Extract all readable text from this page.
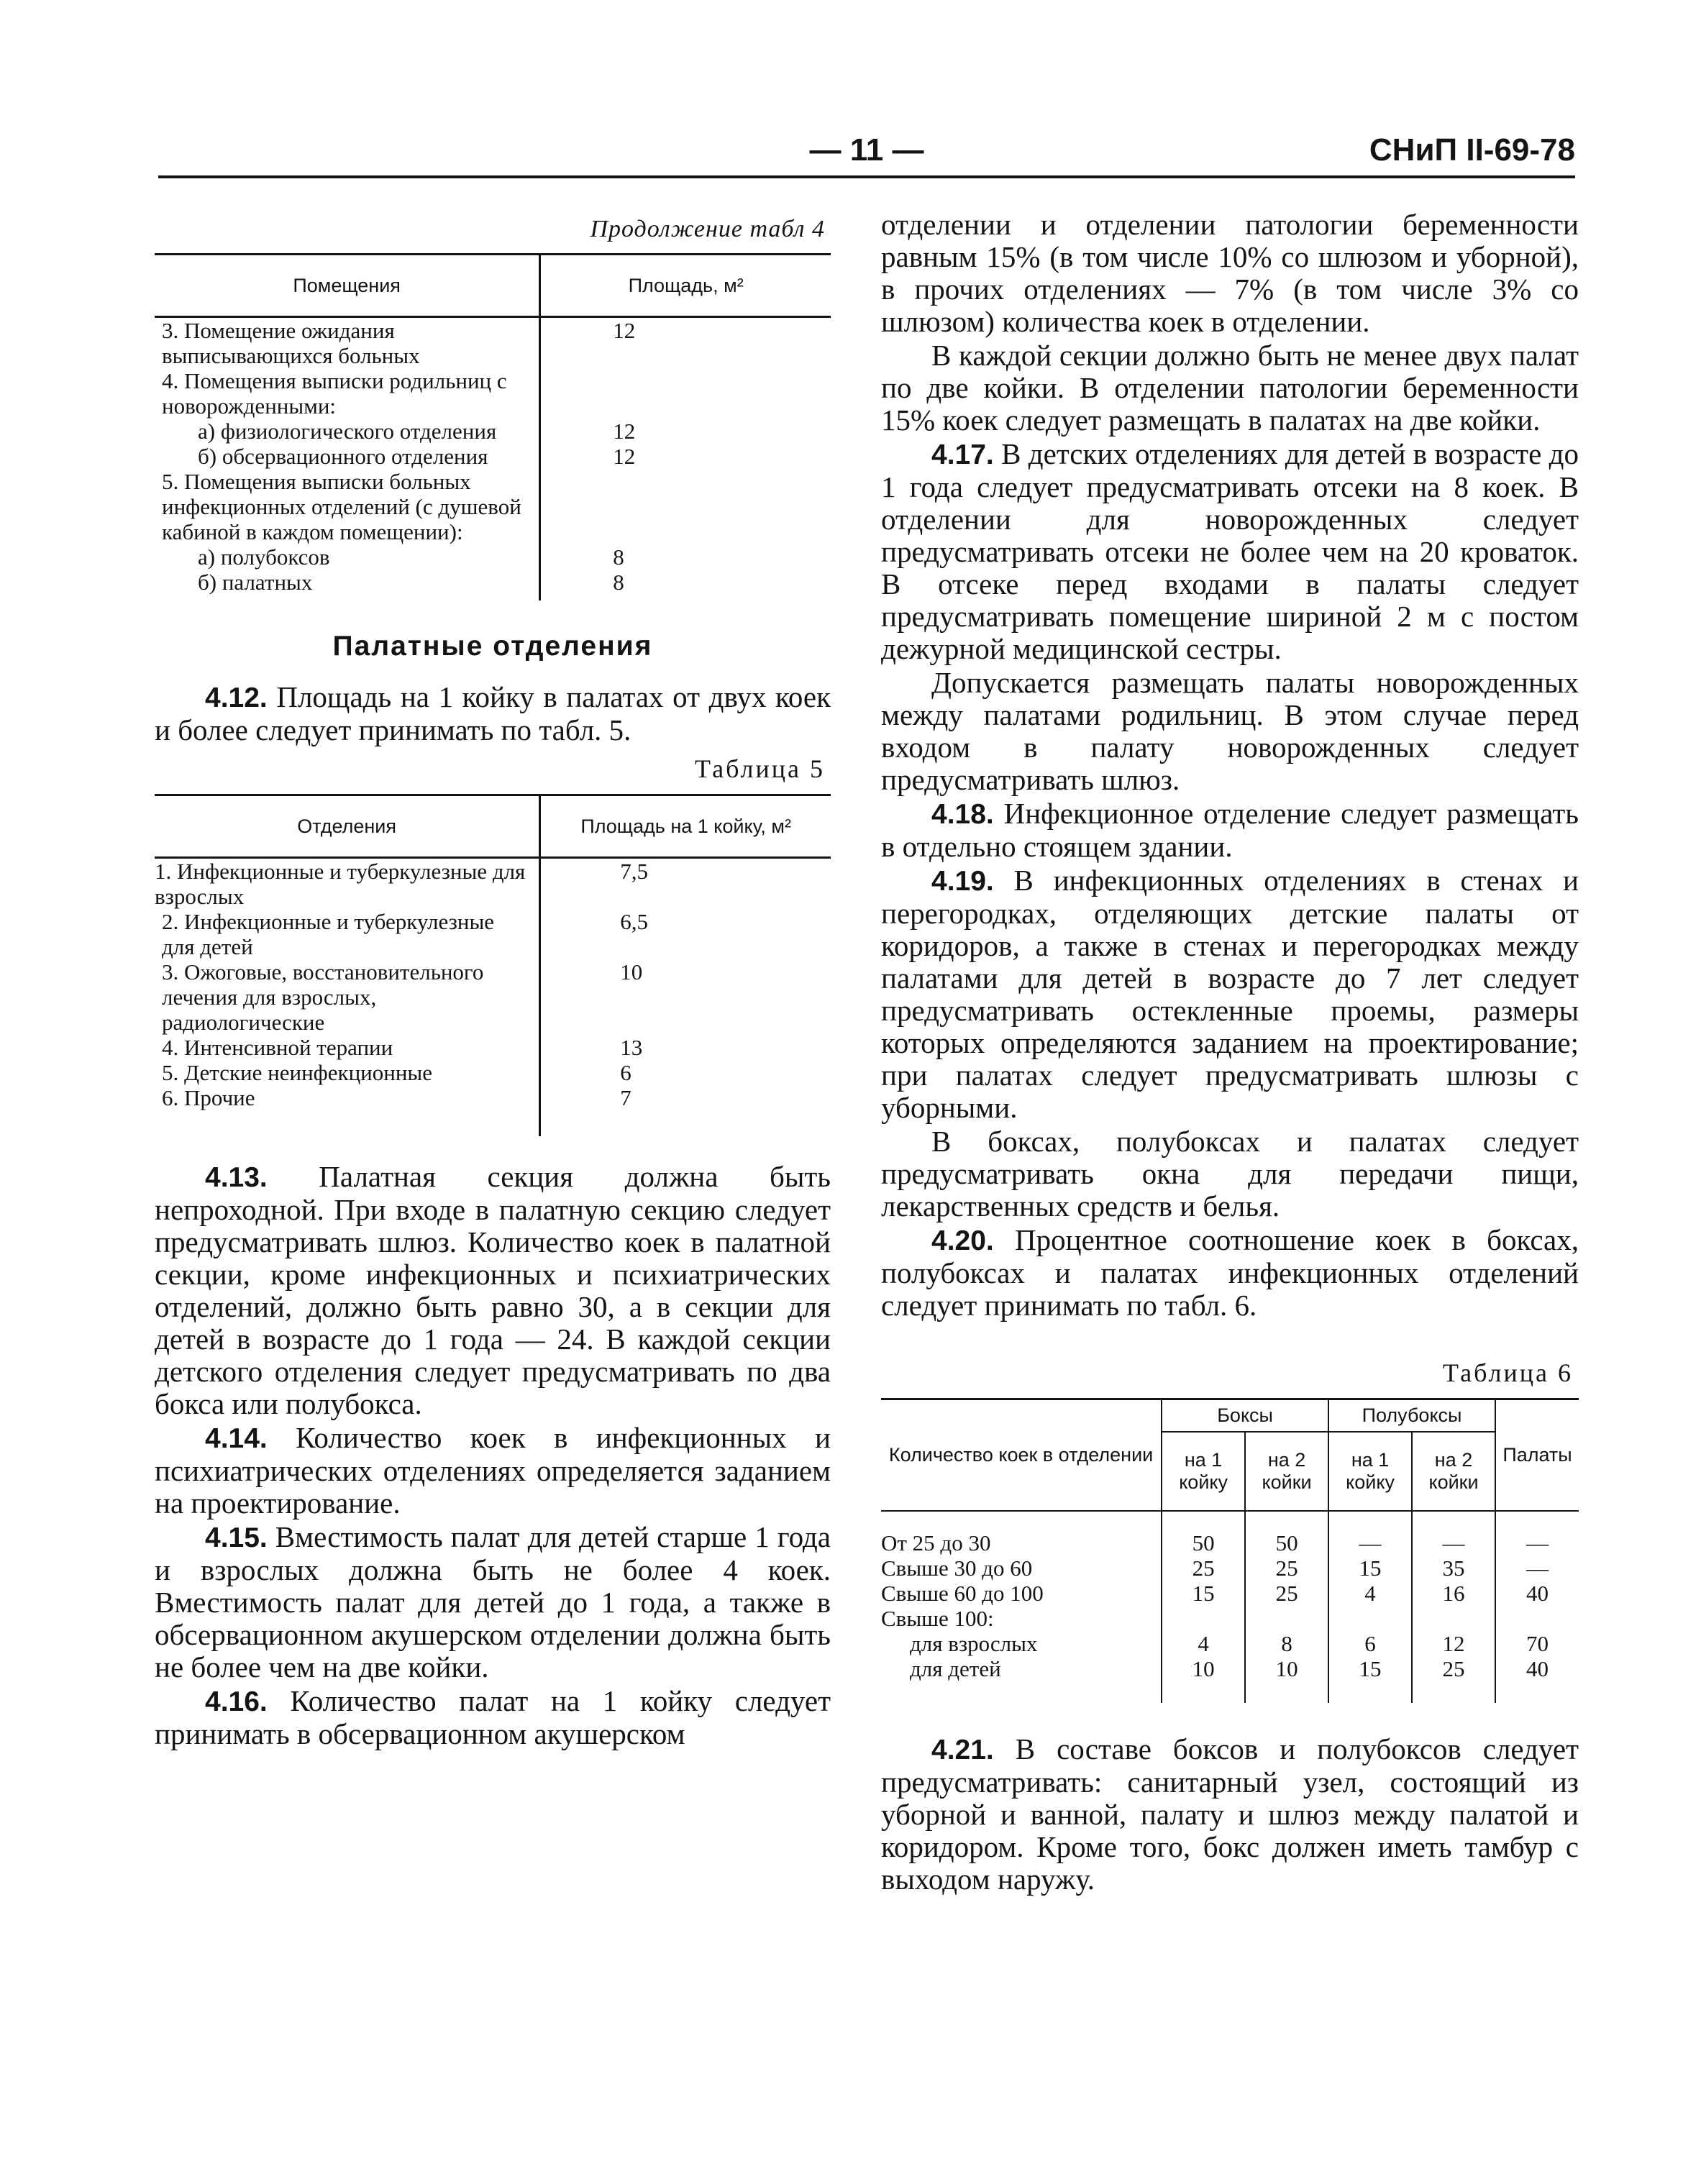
— 11 —	СНиП II-69-78
Продолжение табл 4
Помещения	Площадь, м²
3. Помещение ожидания выписывающихся больных	12
4. Помещения выписки родильниц с новорожденными:	
а) физиологического отделения	12
б) обсервационного отделения	12
5. Помещения выписки больных инфекционных отделений (с душевой кабиной в каждом помещении):	
а) полубоксов	8
б) палатных	8
Палатные отделения

4.12. Площадь на 1 койку в палатах от двух коек и более следует принимать по табл. 5.

Таблица 5
Отделения	Площадь на 1 койку, м²
1. Инфекционные и туберкулезные для взрослых	7,5
2. Инфекционные и туберкулезные для детей	6,5
3. Ожоговые, восстановительного лечения для взрослых, радиологические	10
4. Интенсивной терапии	13
5. Детские неинфекционные	6
6. Прочие	7

4.13. Палатная секция должна быть непроходной. При входе в палатную секцию следует предусматривать шлюз. Количество коек в палатной секции, кроме инфекционных и психиатрических отделений, должно быть равно 30, а в секции для детей в возрасте до 1 года — 24. В каждой секции детского отделения следует предусматривать по два бокса или полубокса.

4.14. Количество коек в инфекционных и психиатрических отделениях определяется заданием на проектирование.

4.15. Вместимость палат для детей старше 1 года и взрослых должна быть не более 4 коек. Вместимость палат для детей до 1 года, а также в обсервационном акушерском отделении должна быть не более чем на две койки.

4.16. Количество палат на 1 койку следует принимать в обсервационном акушерском

отделении и отделении патологии беременности равным 15% (в том числе 10% со шлюзом и уборной), в прочих отделениях — 7% (в том числе 3% со шлюзом) количества коек в отделении.

В каждой секции должно быть не менее двух палат по две койки. В отделении патологии беременности 15% коек следует размещать в палатах на две койки.

4.17. В детских отделениях для детей в возрасте до 1 года следует предусматривать отсеки на 8 коек. В отделении для новорожденных следует предусматривать отсеки не более чем на 20 кроваток. В отсеке перед входами в палаты следует предусматривать помещение шириной 2 м с постом дежурной медицинской сестры.

Допускается размещать палаты новорожденных между палатами родильниц. В этом случае перед входом в палату новорожденных следует предусматривать шлюз.

4.18. Инфекционное отделение следует размещать в отдельно стоящем здании.

4.19. В инфекционных отделениях в стенах и перегородках, отделяющих детские палаты от коридоров, а также в стенах и перегородках между палатами для детей в возрасте до 7 лет следует предусматривать остекленные проемы, размеры которых определяются заданием на проектирование; при палатах следует предусматривать шлюзы с уборными.

В боксах, полубоксах и палатах следует предусматривать окна для передачи пищи, лекарственных средств и белья.

4.20. Процентное соотношение коек в боксах, полубоксах и палатах инфекционных отделений следует принимать по табл. 6.

Таблица 6
Количество коек в отделении	Боксы		Полубоксы		Палаты
	на 1 койку	на 2 койки	на 1 койку	на 2 койки	
От 25 до 30	50	50	—	—	—
Свыше 30 до 60	25	25	15	35	—
Свыше 60 до 100	15	25	4	16	40
Свыше 100:					
для взрослых	4	8	6	12	70
для детей	10	10	15	25	40

4.21. В составе боксов и полубоксов следует предусматривать: санитарный узел, состоящий из уборной и ванной, палату и шлюз между палатой и коридором. Кроме того, бокс должен иметь тамбур с выходом наружу.
